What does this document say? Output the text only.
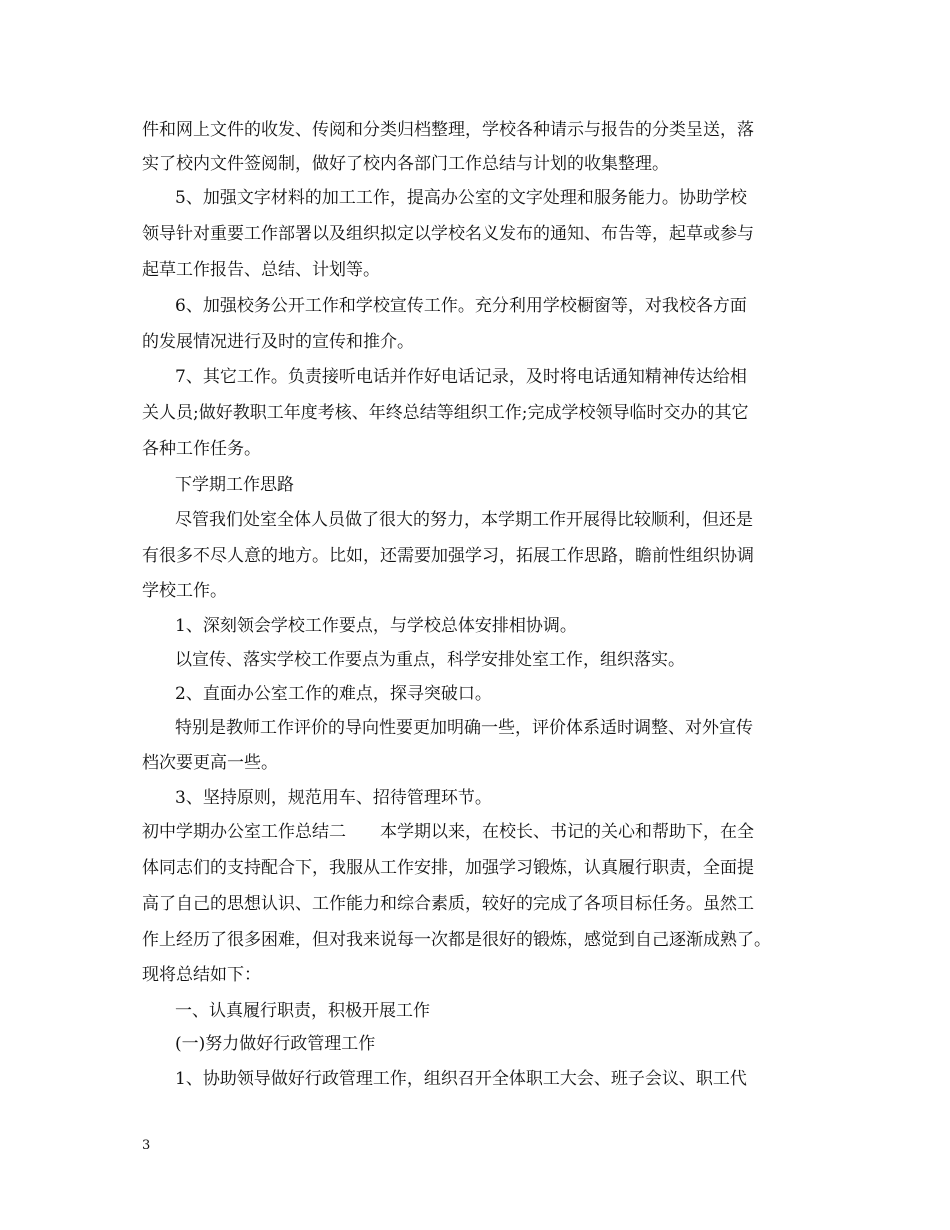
件和网上文件的收发、传阅和分类归档整理，学校各种请示与报告的分类呈送，落
实了校内文件签阅制，做好了校内各部门工作总结与计划的收集整理。
5、加强文字材料的加工工作，提高办公室的文字处理和服务能力。协助学校
领导针对重要工作部署以及组织拟定以学校名义发布的通知、布告等，起草或参与
起草工作报告、总结、计划等。
6、加强校务公开工作和学校宣传工作。充分利用学校橱窗等，对我校各方面
的发展情况进行及时的宣传和推介。
7、其它工作。负责接听电话并作好电话记录，及时将电话通知精神传达给相
关人员;做好教职工年度考核、年终总结等组织工作;完成学校领导临时交办的其它
各种工作任务。
下学期工作思路
尽管我们处室全体人员做了很大的努力，本学期工作开展得比较顺利，但还是
有很多不尽人意的地方。比如，还需要加强学习，拓展工作思路，瞻前性组织协调
学校工作。
1、深刻领会学校工作要点，与学校总体安排相协调。
以宣传、落实学校工作要点为重点，科学安排处室工作，组织落实。
2、直面办公室工作的难点，探寻突破口。
特别是教师工作评价的导向性要更加明确一些，评价体系适时调整、对外宣传
档次要更高一些。
3、坚持原则，规范用车、招待管理环节。
初中学期办公室工作总结二　　本学期以来，在校长、书记的关心和帮助下，在全
体同志们的支持配合下，我服从工作安排，加强学习锻炼，认真履行职责，全面提
高了自己的思想认识、工作能力和综合素质，较好的完成了各项目标任务。虽然工
作上经历了很多困难，但对我来说每一次都是很好的锻炼，感觉到自己逐渐成熟了。
现将总结如下：
一、认真履行职责，积极开展工作
(一)努力做好行政管理工作
1、协助领导做好行政管理工作，组织召开全体职工大会、班子会议、职工代
3
